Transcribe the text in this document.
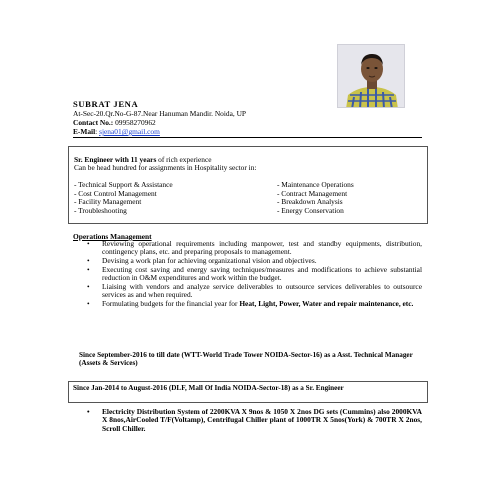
SUBRAT JENA
At-Sec-20.Qr.No-G-87.Near Hanuman Mandir. Noida, UP
Contact No.: 09958270962
E-Mail: sjena01@gmail.com
Sr. Engineer with 11 years of rich experience
Can be head hundred for assignments in Hospitality sector in:
- Technical Support & Assistance
- Cost Control Management
- Facility Management
- Troubleshooting
- Maintenance Operations
- Contract Management
- Breakdown Analysis
- Energy Conservation
Operations Management
• Reviewing operational requirements including manpower, test and standby equipments, distribution, contingency plans, etc. and preparing proposals to management.
• Devising a work plan for achieving organizational vision and objectives.
• Executing cost saving and energy saving techniques/measures and modifications to achieve substantial reduction in O&M expenditures and work within the budget.
• Liaising with vendors and analyze service deliverables to outsource services deliverables to outsource services as and when required.
• Formulating budgets for the financial year for Heat, Light, Power, Water and repair maintenance, etc.
Since September-2016 to till date (WTT-World Trade Tower NOIDA-Sector-16) as a Asst. Technical Manager (Assets & Services)
Since Jan-2014 to August-2016 (DLF, Mall Of India NOIDA-Sector-18) as a Sr. Engineer
• Electricity Distribution System of 2200KVA X 9nos & 1050 X 2nos DG sets (Cummins) also 2000KVA X 8nos,AirCooled T/F(Voltamp), Centrifugal Chiller plant of 1000TR X 5nos(York) & 700TR X 2nos, Scroll Chiller.
